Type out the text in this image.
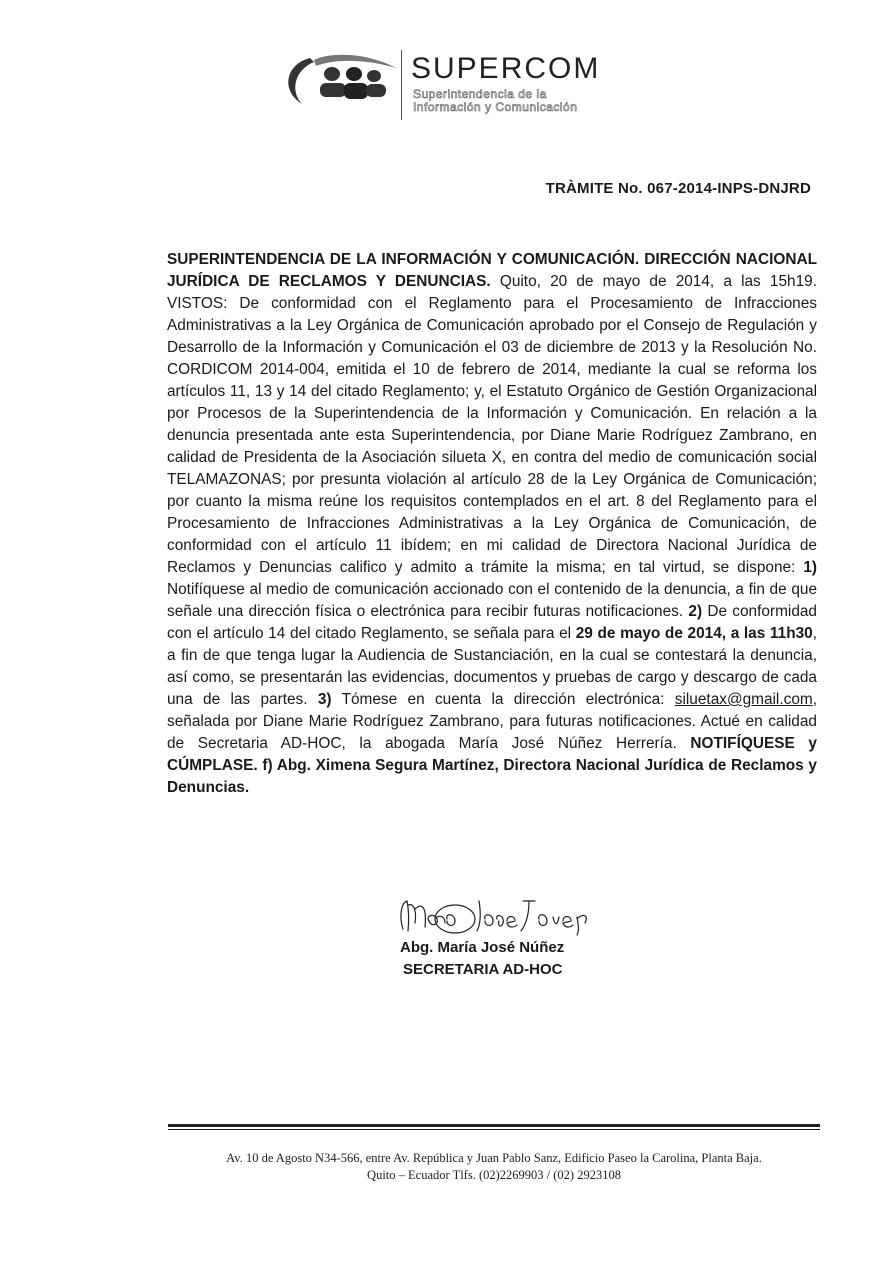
SUPERCOM
Superintendencia de la
Información y Comunicación
TRÀMITE No. 067-2014-INPS-DNJRD

SUPERINTENDENCIA DE LA INFORMACIÓN Y COMUNICACIÓN. DIRECCIÓN NACIONAL JURÍDICA DE RECLAMOS Y DENUNCIAS. Quito, 20 de mayo de 2014, a las 15h19. VISTOS: De conformidad con el Reglamento para el Procesamiento de Infracciones Administrativas a la Ley Orgánica de Comunicación aprobado por el Consejo de Regulación y Desarrollo de la Información y Comunicación el 03 de diciembre de 2013 y la Resolución No. CORDICOM 2014-004, emitida el 10 de febrero de 2014, mediante la cual se reforma los artículos 11, 13 y 14 del citado Reglamento; y, el Estatuto Orgánico de Gestión Organizacional por Procesos de la Superintendencia de la Información y Comunicación. En relación a la denuncia presentada ante esta Superintendencia, por Diane Marie Rodríguez Zambrano, en calidad de Presidenta de la Asociación silueta X, en contra del medio de comunicación social TELAMAZONAS; por presunta violación al artículo 28 de la Ley Orgánica de Comunicación; por cuanto la misma reúne los requisitos contemplados en el art. 8 del Reglamento para el Procesamiento de Infracciones Administrativas a la Ley Orgánica de Comunicación, de conformidad con el artículo 11 ibídem; en mi calidad de Directora Nacional Jurídica de Reclamos y Denuncias califico y admito a trámite la misma; en tal virtud, se dispone: 1) Notifíquese al medio de comunicación accionado con el contenido de la denuncia, a fin de que señale una dirección física o electrónica para recibir futuras notificaciones. 2) De conformidad con el artículo 14 del citado Reglamento, se señala para el 29 de mayo de 2014, a las 11h30, a fin de que tenga lugar la Audiencia de Sustanciación, en la cual se contestará la denuncia, así como, se presentarán las evidencias, documentos y pruebas de cargo y descargo de cada una de las partes. 3) Tómese en cuenta la dirección electrónica: siluetax@gmail.com, señalada por Diane Marie Rodríguez Zambrano, para futuras notificaciones. Actué en calidad de Secretaria AD-HOC, la abogada María José Núñez Herrería. NOTIFÍQUESE y CÚMPLASE. f) Abg. Ximena Segura Martínez, Directora Nacional Jurídica de Reclamos y Denuncias.

Abg. María José Núñez
SECRETARIA AD-HOC
Av. 10 de Agosto N34-566, entre Av. República y Juan Pablo Sanz, Edificio Paseo la Carolina, Planta Baja.
Quito – Ecuador Tlfs. (02)2269903 / (02) 2923108
